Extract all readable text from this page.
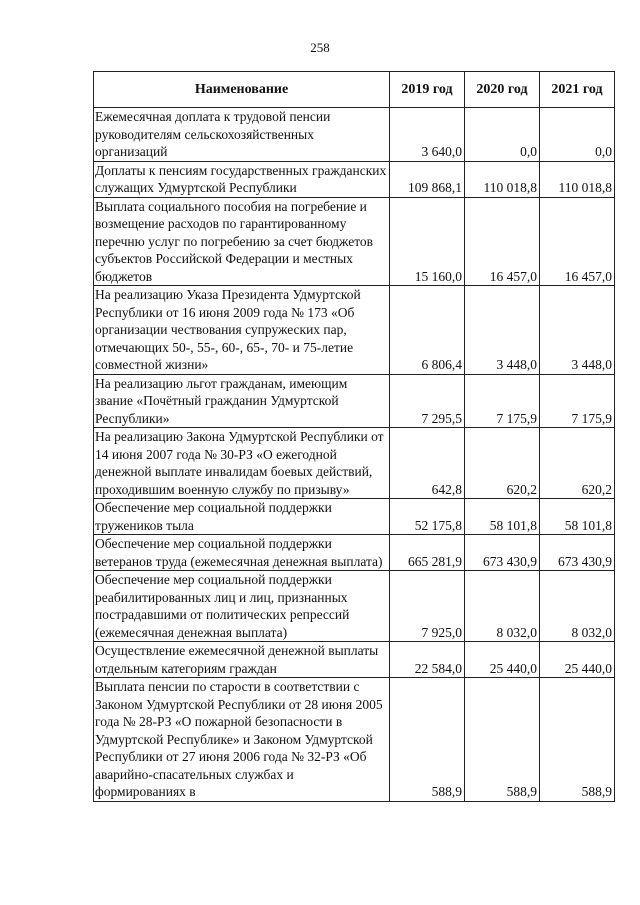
258
Наименование	2019 год	2020 год	2021 год
Ежемесячная доплата к трудовой пенсии руководителям сельскохозяйственных организаций	3 640,0	0,0	0,0
Доплаты к пенсиям государственных гражданских служащих Удмуртской Республики	109 868,1	110 018,8	110 018,8
Выплата социального пособия на погребение и возмещение расходов по гарантированному перечню услуг по погребению за счет бюджетов субъектов Российской Федерации и местных бюджетов	15 160,0	16 457,0	16 457,0
На реализацию Указа Президента Удмуртской Республики от 16 июня 2009 года № 173 «Об организации чествования супружеских пар, отмечающих 50-, 55-, 60-, 65-, 70- и 75-летие совместной жизни»	6 806,4	3 448,0	3 448,0
На реализацию льгот гражданам, имеющим звание «Почётный гражданин Удмуртской Республики»	7 295,5	7 175,9	7 175,9
На реализацию Закона Удмуртской Республики от 14 июня 2007 года № 30-РЗ «О ежегодной денежной выплате инвалидам боевых действий, проходившим военную службу по призыву»	642,8	620,2	620,2
Обеспечение мер социальной поддержки тружеников тыла	52 175,8	58 101,8	58 101,8
Обеспечение мер социальной поддержки ветеранов труда (ежемесячная денежная выплата)	665 281,9	673 430,9	673 430,9
Обеспечение мер социальной поддержки реабилитированных лиц и лиц, признанных пострадавшими от политических репрессий (ежемесячная денежная выплата)	7 925,0	8 032,0	8 032,0
Осуществление ежемесячной денежной выплаты отдельным категориям граждан	22 584,0	25 440,0	25 440,0
Выплата пенсии по старости в соответствии с Законом Удмуртской Республики от 28 июня 2005 года № 28-РЗ «О пожарной безопасности в Удмуртской Республике» и Законом Удмуртской Республики от 27 июня 2006 года № 32-РЗ «Об аварийно-спасательных службах и формированиях в	588,9	588,9	588,9
